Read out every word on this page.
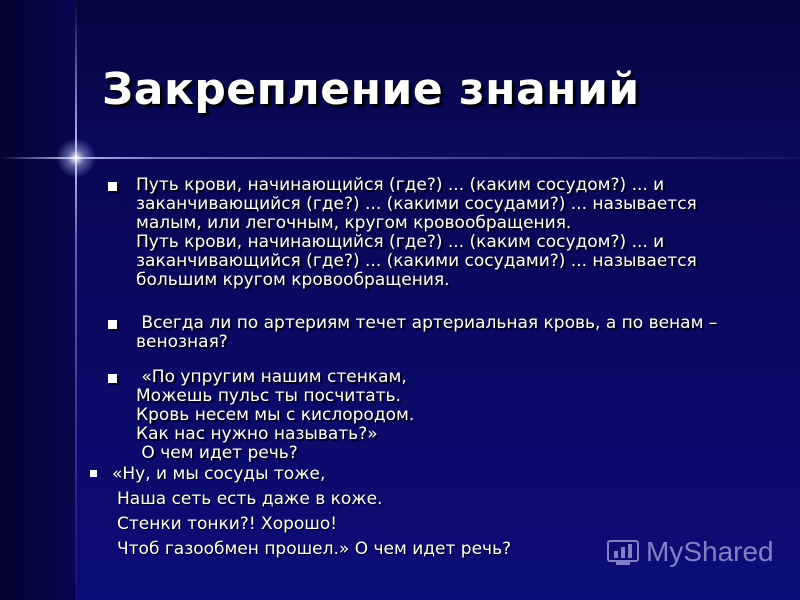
Закрепление знаний
Путь крови, начинающийся (где?) ... (каким сосудом?) ... и
заканчивающийся (где?) ... (какими сосудами?) ... называется
малым, или легочным, кругом кровообращения.
Путь крови, начинающийся (где?) ... (каким сосудом?) ... и
заканчивающийся (где?) ... (какими сосудами?) ... называется
большим кругом кровообращения.
Всегда ли по артериям течет артериальная кровь, а по венам –
венозная?
«По упругим нашим стенкам,
Можешь пульс ты посчитать.
Кровь несем мы с кислородом.
Как нас нужно называть?»
О чем идет речь?
«Ну, и мы сосуды тоже,
Наша сеть есть даже в коже.
Стенки тонки?! Хорошо!
Чтоб газообмен прошел.» О чем идет речь?	MyShared
